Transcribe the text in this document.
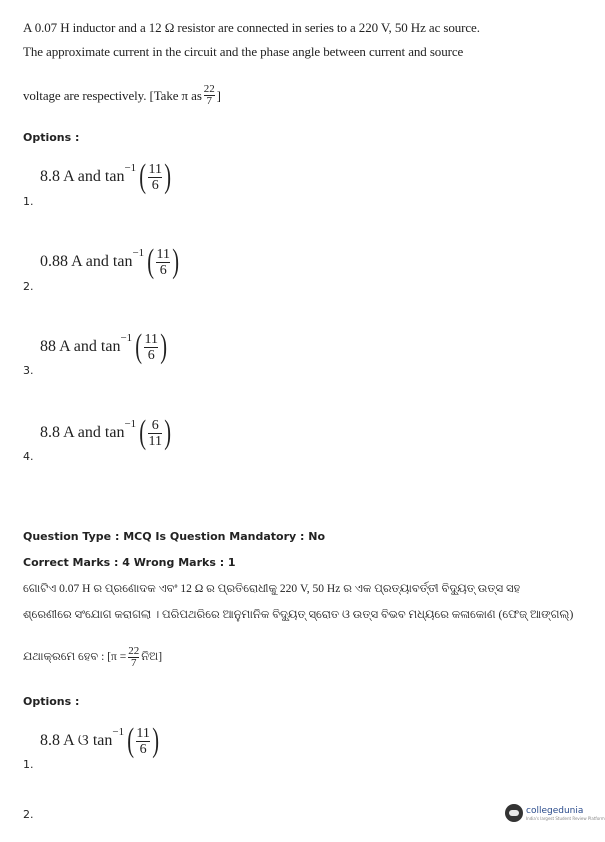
A 0.07 H inductor and a 12 Ω resistor are connected in series to a 220 V, 50 Hz ac source.
The approximate current in the circuit and the phase angle between current and source
voltage are respectively. [Take π as 22
7 ]
Options :
8.8 A and tan −1 ( $\frac{11}{6}$ )
1.
0.88 A and tan −1 ( $\frac{11}{6}$ )
2.
88 A and tan −1 ( $\frac{11}{6}$ )
3.
8.8 A and tan −1 ( $\frac{6}{11}$ )
4.
Question Type : MCQ Is Question Mandatory : No
Correct Marks : 4 Wrong Marks : 1
ଗୋଟିଏ 0.07 H ର ପ୍ରଣୋଦକ ଏବଂ 12 Ω ର ପ୍ରତିରୋଧୀକୁ 220 V, 50 Hz ର ଏକ ପ୍ରତ୍ୟାବର୍ତ୍ତୀ ବିଦ୍ୟୁତ୍ ଉତ୍ସ ସହ
ଶ୍ରେଣୀରେ ସଂଯୋଗ କରାଗଲା । ପରିପଥରିରେ ଆନୁମାନିକ ବିଦ୍ୟୁତ୍ ସ୍ରୋତ ଓ ଉତ୍ସ ବିଭବ ମଧ୍ୟରେ କଳାକୋଣ (ଫେଜ୍ ଆଙ୍ଗଲ୍)
ଯଥାକ୍ରମେ ହେବ : [π = 22
7 ନିଅ]
Options :
8.8 A ଓ tan −1 ( $\frac{11}{6}$ )
1.
2.	collegedunia
India's largest Student Review Platform
